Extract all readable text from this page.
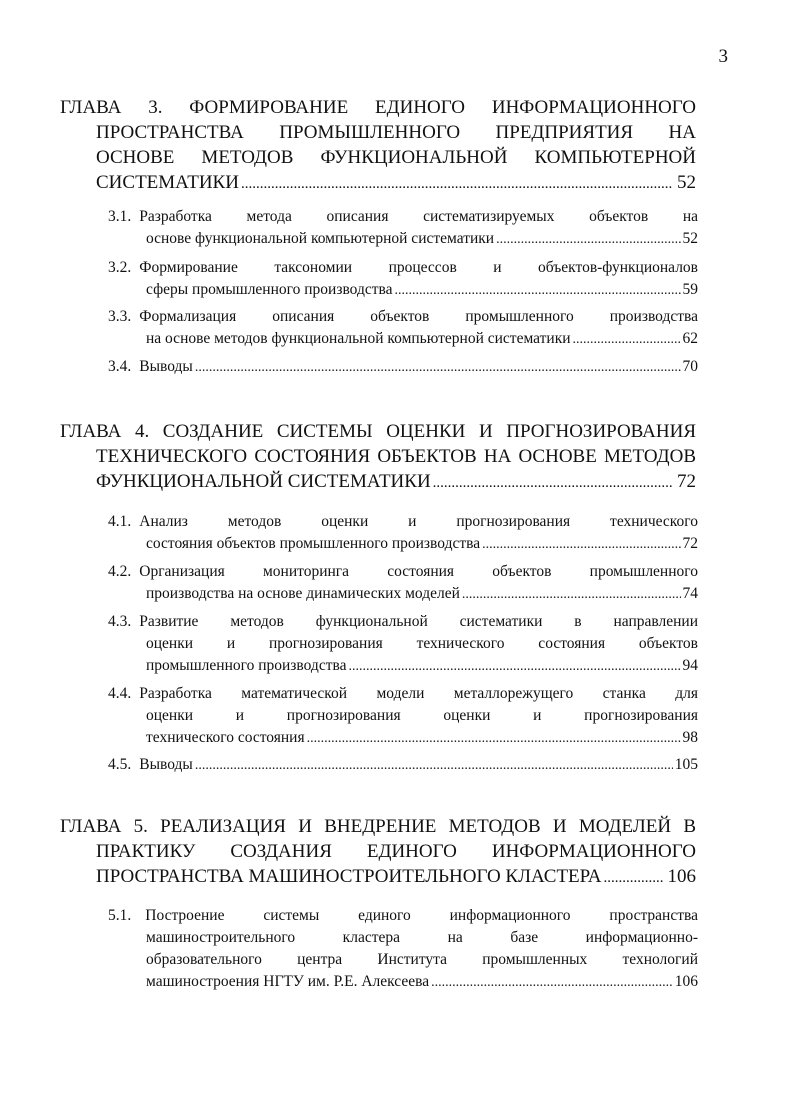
3
ГЛАВА 3. ФОРМИРОВАНИЕ ЕДИНОГО ИНФОРМАЦИОННОГО
ПРОСТРАНСТВА ПРОМЫШЛЕННОГО ПРЕДПРИЯТИЯ НА
ОСНОВЕ МЕТОДОВ ФУНКЦИОНАЛЬНОЙ КОМПЬЮТЕРНОЙ
СИСТЕМАТИКИ .....	52
3.1. Разработка метода описания систематизируемых объектов на
основе функциональной компьютерной систематики .....	52
3.2. Формирование таксономии процессов и объектов-функционалов
сферы промышленного производства .....	59
3.3. Формализация описания объектов промышленного производства
на основе методов функциональной компьютерной систематики .....	62
3.4. Выводы .....	70
ГЛАВА 4. СОЗДАНИЕ СИСТЕМЫ ОЦЕНКИ И ПРОГНОЗИРОВАНИЯ
ТЕХНИЧЕСКОГО СОСТОЯНИЯ ОБЪЕКТОВ НА ОСНОВЕ МЕТОДОВ
ФУНКЦИОНАЛЬНОЙ СИСТЕМАТИКИ .....	72
4.1. Анализ методов оценки и прогнозирования технического
состояния объектов промышленного производства .....	72
4.2. Организация мониторинга состояния объектов промышленного
производства на основе динамических моделей .....	74
4.3. Развитие методов функциональной систематики в направлении
оценки и прогнозирования технического состояния объектов
промышленного производства .....	94
4.4. Разработка математической модели металлорежущего станка для
оценки и прогнозирования оценки и прогнозирования
технического состояния .....	98
4.5. Выводы .....	105
ГЛАВА 5. РЕАЛИЗАЦИЯ И ВНЕДРЕНИЕ МЕТОДОВ И МОДЕЛЕЙ В
ПРАКТИКУ СОЗДАНИЯ ЕДИНОГО ИНФОРМАЦИОННОГО
ПРОСТРАНСТВА МАШИНОСТРОИТЕЛЬНОГО КЛАСТЕРА .....	106
5.1. Построение системы единого информационного пространства
машиностроительного кластера на базе информационно-
образовательного центра Института промышленных технологий
машиностроения НГТУ им. Р.Е. Алексеева .....	106
